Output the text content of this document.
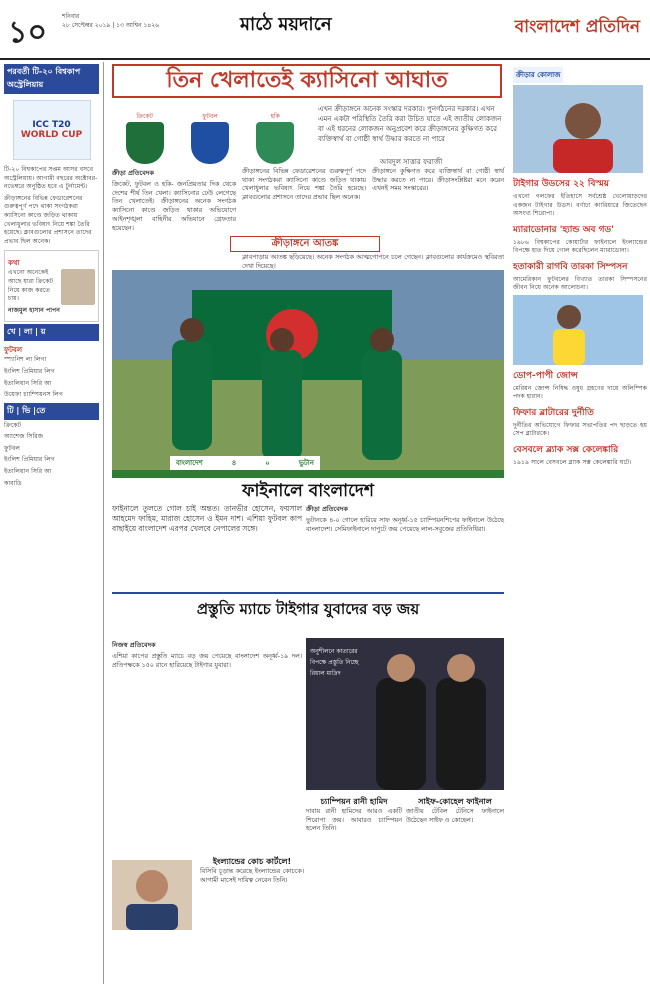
১০	শনিবার
২৮ সেপ্টেম্বর ২০১৯ | ১৩ আশ্বিন ১৪২৬	মাঠে ময়দানে	বাংলাদেশ প্রতিদিন
পরবর্তী টি-২০ বিশ্বকাপ অস্ট্রেলিয়ায়
ICC T20
WORLD CUP

টি-২০ বিশ্বকাপের সপ্তম আসর বসবে অস্ট্রেলিয়ায়। আগামী বছরের অক্টোবর-নভেম্বরে অনুষ্ঠিত হবে এ টুর্নামেন্ট।

ক্রীড়াঙ্গনের বিভিন্ন ফেডারেশনের গুরুত্বপূর্ণ পদে থাকা সংগঠকরা ক্যাসিনো কাণ্ডে জড়িত থাকায় খেলাধুলার ভবিষ্যৎ নিয়ে শঙ্কা তৈরি হয়েছে। ক্লাবগুলোর প্রশাসনে তাদের প্রভাব ছিল অনেক।

কথা

এখনো অনেকেই আছে যারা ক্রিকেট নিয়ে কাজ করতে চায়।

নাজমুল হাসান পাপন

খে | লা | য়
ফুটবল

স্প্যানিশ লা লিগা

ইংলিশ প্রিমিয়ার লিগ

ইতালিয়ান সিরি আ

উয়েফা চ্যাম্পিয়নস লিগ

টি | ভি |তে

ক্রিকেট

অ্যাশেজ সিরিজ

ফুটবল

ইংলিশ প্রিমিয়ার লিগ

ইতালিয়ান সিরি আ

কাবাডি

তিন খেলাতেই ক্যাসিনো আঘাত
ক্রিকেট	ফুটবল	হকি
এখন ক্রীড়াঙ্গনে অনেক সংস্কার দরকার। পুনর্গঠনের দরকার। এখন এমন একটা পরিস্থিতি তৈরি করা উচিত যাতে এই জাতীয় লোকজন বা এই ধরনের লোকজন অনুপ্রবেশ করে ক্রীড়াঙ্গনের কুক্ষিগত করে ব্যক্তিস্বার্থ বা গোষ্ঠী স্বার্থ উদ্ধার করতে না পারে
আবদুল সাত্তার ফরাজী
ক্রীড়া প্রতিবেদক

ক্রিকেট, ফুটবল ও হকি- জনপ্রিয়তার দিক থেকে দেশের শীর্ষ তিন খেলা। ক্যাসিনোর ঢেউ লেগেছে তিন খেলাতেই। ক্রীড়াঙ্গনের অনেক সংগঠক ক্যাসিনো কাণ্ডে জড়িত থাকার অভিযোগে আইনশৃঙ্খলা বাহিনীর অভিযানে গ্রেফতার হয়েছেন।

ক্রীড়াঙ্গনের বিভিন্ন ফেডারেশনের গুরুত্বপূর্ণ পদে থাকা সংগঠকরা ক্যাসিনো কাণ্ডে জড়িত থাকায় খেলাধুলার ভবিষ্যৎ নিয়ে শঙ্কা তৈরি হয়েছে। ক্লাবগুলোর প্রশাসনে তাদের প্রভাব ছিল অনেক।

ক্রীড়াঙ্গনে কুক্ষিগত করে ব্যক্তিস্বার্থ বা গোষ্ঠী স্বার্থ উদ্ধার করতে না পারে। ক্রীড়াসংশ্লিষ্টরা মনে করেন এখনই সময় সংস্কারের।

ক্রীড়াঙ্গনে আতঙ্ক

ক্লাবপাড়ায় আতঙ্ক ছড়িয়েছে। অনেক সংগঠক আত্মগোপনে চলে গেছেন। ক্লাবগুলোর কার্যক্রমেও স্থবিরতা দেখা দিয়েছে।

বাংলাদেশ	৪	০	ভুটান
ফাইনালে বাংলাদেশ

ফাইনালে তুলতে গোল চাই অন্তত। তানভীর হোসেন, ফয়সাল আহমেদ ফাহিম, মারাজ হোসেন ও ইমন দাশ। এশিয়া ফুটবল কাপ বাছাইয়ে বাংলাদেশ এরপর খেলবে নেপালের সঙ্গে।

ক্রীড়া প্রতিবেদক

ভুটানকে ৪-০ গোলে হারিয়ে সাফ অনূর্ধ্ব-১৫ চ্যাম্পিয়নশিপের ফাইনালে উঠেছে বাংলাদেশ। সেমিফাইনালে দাপুটে জয় পেয়েছে লাল-সবুজের প্রতিনিধিরা।

প্রস্তুতি ম্যাচে টাইগার যুবাদের বড় জয়
নিজস্ব প্রতিবেদক

এশিয়া কাপের প্রস্তুতি ম্যাচে বড় জয় পেয়েছে বাংলাদেশ অনূর্ধ্ব-১৯ দল। প্রতিপক্ষকে ১৫০ রানে হারিয়েছে টাইগার যুবারা।

অনুশীলনে কাতারের বিপক্ষে প্রস্তুতি নিচ্ছে রিয়াল মাদ্রিদ
ইংল্যান্ডের কোচ কার্টলে!

বিসিবি চূড়ান্ত করেছে ইংল্যান্ডের কোচকে। আগামী মাসেই দায়িত্ব নেবেন তিনি।

চ্যাম্পিয়ন রানী হামিদ

দাবায় রানী হামিদের আরও একটি শিরোপা জয়। আবারও চ্যাম্পিয়ন হলেন তিনি।

সাইফ-কোহেল ফাইনাল

জাতীয় টেবিল টেনিসে ফাইনালে উঠেছেন সাইফ ও কোহেল।

ক্রীড়ার কোলাজ
টাইগার উডসের ২২ বিস্ময়

এখনো গলফের ইতিহাসে সর্বশ্রেষ্ঠ খেলোয়াড়দের একজন টাইগার উডস। বর্ণাঢ্য ক্যারিয়ারে জিতেছেন অসংখ্য শিরোপা।

ম্যারাডোনার 'হ্যান্ড অব গড'

১৯৮৬ বিশ্বকাপের কোয়ার্টার ফাইনালে ইংল্যান্ডের বিপক্ষে হাত দিয়ে গোল করেছিলেন ম্যারাডোনা।

হতাকারী রাগবি তারকা সিম্পসন

আমেরিকান ফুটবলের বিখ্যাত তারকা সিম্পসনের জীবন নিয়ে অনেক আলোচনা।

ডোপ-পাপী জোন্স

মেরিয়ন জোন্স নিষিদ্ধ ওষুধ গ্রহণের দায়ে অলিম্পিক পদক হারান।

ফিফার ব্লাটারের দুর্নীতি

দুর্নীতির অভিযোগে ফিফার সভাপতির পদ ছাড়তে হয় সেপ ব্লাটারকে।

বেসবলে ব্ল্যাক সক্স কেলেঙ্কারি

১৯১৯ সালে বেসবলে ব্ল্যাক সক্স কেলেঙ্কারি ঘটে।
